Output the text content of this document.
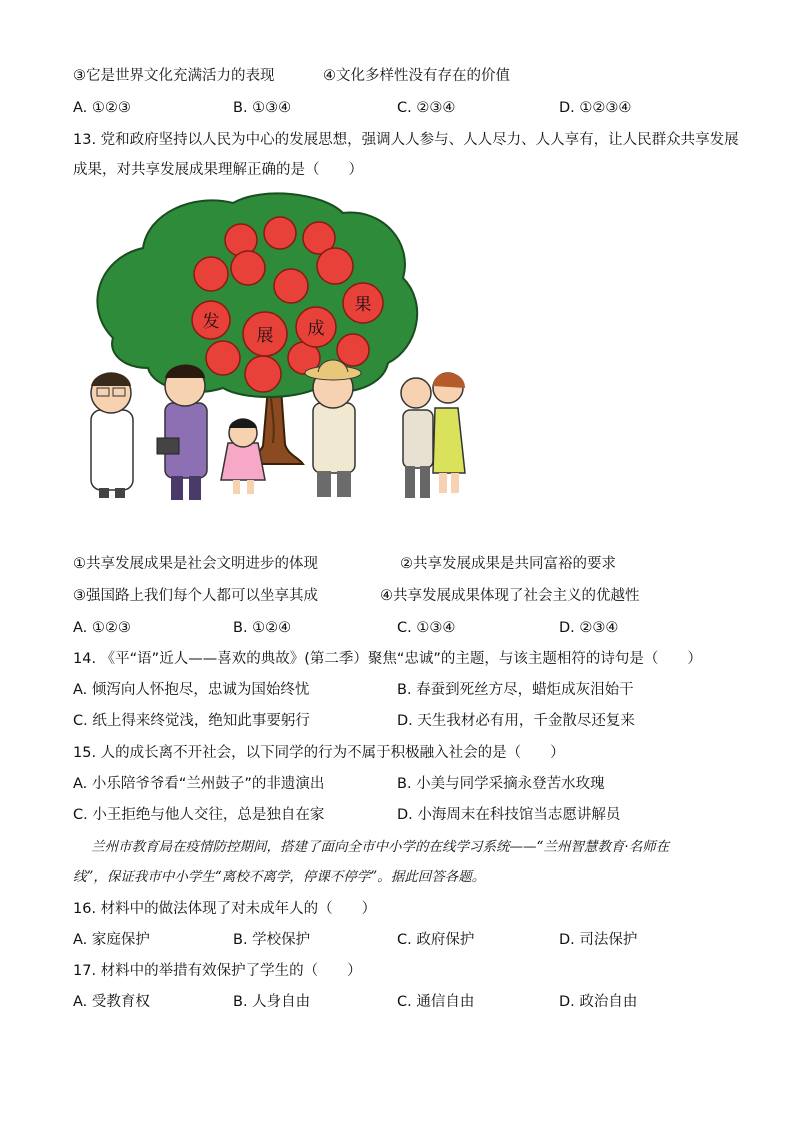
③它是世界文化充满活力的表现	④文化多样性没有存在的价值
A. ①②③	B. ①③④	C. ②③④	D. ①②③④
13. 党和政府坚持以人民为中心的发展思想，强调人人参与、人人尽力、人人享有，让人民群众共享发展
成果，对共享发展成果理解正确的是（　　）
发
展 成
果
①共享发展成果是社会文明进步的体现	②共享发展成果是共同富裕的要求
③强国路上我们每个人都可以坐享其成	④共享发展成果体现了社会主义的优越性
A. ①②③	B. ①②④	C. ①③④	D. ②③④
14. 《平“语”近人——喜欢的典故》(第二季）聚焦“忠诚”的主题，与该主题相符的诗句是（　　）
A. 倾泻向人怀抱尽，忠诚为国始终忧	B. 春蚕到死丝方尽，蜡炬成灰泪始干
C. 纸上得来终觉浅，绝知此事要躬行	D. 天生我材必有用，千金散尽还复来
15. 人的成长离不开社会，以下同学的行为不属于积极融入社会的是（　　）
A. 小乐陪爷爷看“兰州鼓子”的非遗演出	B. 小美与同学采摘永登苦水玫瑰
C. 小王拒绝与他人交往，总是独自在家	D. 小海周末在科技馆当志愿讲解员
兰州市教育局在疫情防控期间，搭建了面向全市中小学的在线学习系统——“兰州智慧教育·名师在
线”，保证我市中小学生“离校不离学，停课不停学”。据此回答各题。
16. 材料中的做法体现了对未成年人的（　　）
A. 家庭保护	B. 学校保护	C. 政府保护	D. 司法保护
17. 材料中的举措有效保护了学生的（　　）
A. 受教育权	B. 人身自由	C. 通信自由	D. 政治自由
